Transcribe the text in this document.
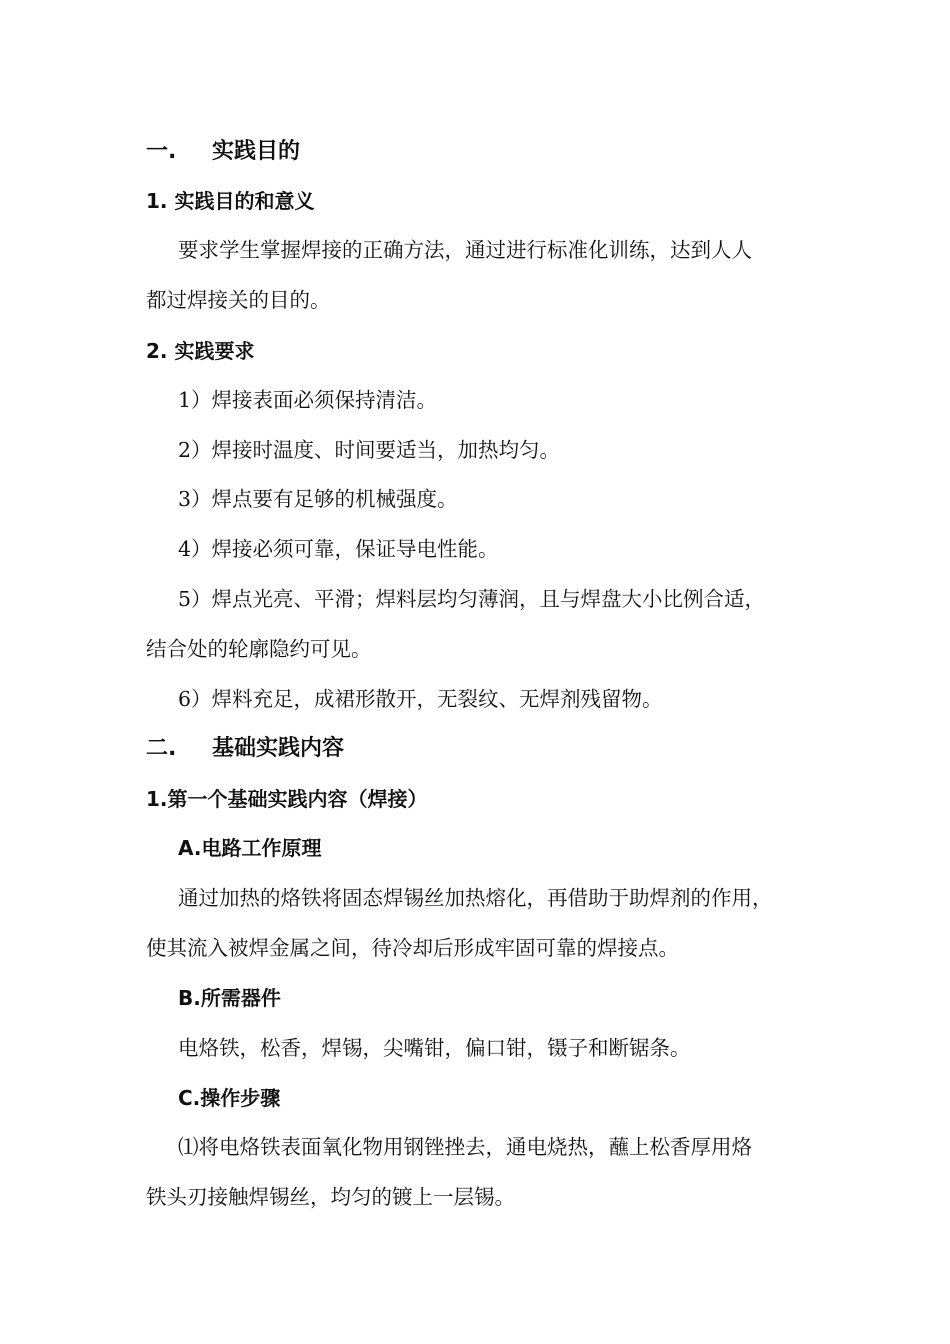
一. 实践目的
1. 实践目的和意义
要求学生掌握焊接的正确方法，通过进行标准化训练，达到人人
都过焊接关的目的。
2. 实践要求
1）焊接表面必须保持清洁。
2）焊接时温度、时间要适当，加热均匀。
3）焊点要有足够的机械强度。
4）焊接必须可靠，保证导电性能。
5）焊点光亮、平滑；焊料层均匀薄润，且与焊盘大小比例合适，
结合处的轮廓隐约可见。
6）焊料充足，成裙形散开，无裂纹、无焊剂残留物。
二. 基础实践内容
1.第一个基础实践内容（焊接）
A.电路工作原理
通过加热的烙铁将固态焊锡丝加热熔化，再借助于助焊剂的作用，
使其流入被焊金属之间，待冷却后形成牢固可靠的焊接点。
B.所需器件
电烙铁，松香，焊锡，尖嘴钳，偏口钳，镊子和断锯条。
C.操作步骤
⑴将电烙铁表面氧化物用钢锉挫去，通电烧热，蘸上松香厚用烙
铁头刃接触焊锡丝，均匀的镀上一层锡。
